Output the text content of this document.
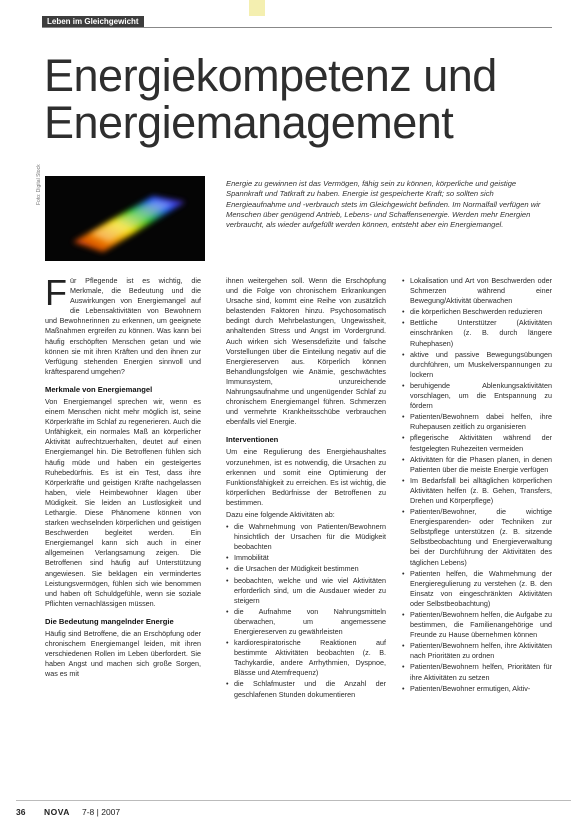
Leben im Gleichgewicht
Energiekompetenz und
Energiemanagement
Foto: Digital Stock	Energie zu gewinnen ist das Vermögen, fähig sein zu können, körperliche und geistige Spannkraft und Tatkraft zu haben. Energie ist gespeicherte Kraft; so sollten sich Energieaufnahme und -verbrauch stets im Gleichgewicht befinden. Im Normalfall verfügen wir Menschen über genügend Antrieb, Lebens- und Schaffensenergie. Werden mehr Energien verbraucht, als wieder aufgefüllt werden können, entsteht aber ein Energiemangel.

Für Pflegende ist es wichtig, die Merkmale, die Bedeutung und die Auswirkungen von Energiemangel auf die Lebensaktivitäten von Bewohnern und Bewohnerinnen zu erkennen, um geeignete Maßnahmen ergreifen zu können. Was kann bei häufig erschöpften Menschen getan und wie können sie mit ihren Kräften und den ihnen zur Verfügung stehenden Energien sinnvoll und kräftesparend umgehen?

Merkmale von Energiemangel

Von Energiemangel sprechen wir, wenn es einem Menschen nicht mehr möglich ist, seine Körperkräfte im Schlaf zu regenerieren. Auch die Unfähigkeit, ein normales Maß an körperlicher Aktivität aufrechtzuerhalten, deutet auf einen Energiemangel hin. Die Betroffenen fühlen sich häufig müde und haben ein gesteigertes Ruhebedürfnis. Es ist ein Test, dass ihre Körperkräfte und geistigen Kräfte nachgelassen haben, viele Heimbewohner klagen über Müdigkeit. Sie leiden an Lustlosigkeit und Lethargie. Diese Phänomene können von starken wechselnden körperlichen und geistigen Beschwerden begleitet werden. Ein Energiemangel kann sich auch in einer allgemeinen Verlangsamung zeigen. Die Betroffenen sind häufig auf Unterstützung angewiesen. Sie beklagen ein vermindertes Leistungsvermögen, fühlen sich wie benommen und haben oft Schuldgefühle, wenn sie soziale Pflichten vernachlässigen müssen.

Die Bedeutung mangelnder Energie

Häufig sind Betroffene, die an Erschöpfung oder chronischem Energiemangel leiden, mit ihren verschiedenen Rollen im Leben überfordert. Sie haben Angst und machen sich große Sorgen, was es mit

ihnen weitergehen soll. Wenn die Erschöpfung und die Folge von chronischem Erkrankungen Ursache sind, kommt eine Reihe von zusätzlich belastenden Faktoren hinzu. Psychosomatisch bedingt durch Mehrbelastungen, Ungewissheit, anhaltenden Stress und Angst im Vordergrund. Auch wirken sich Wesensdefizite und falsche Vorstellungen über die Einteilung negativ auf die Energiereserven aus. Körperlich können Behandlungsfolgen wie Anämie, geschwächtes Immunsystem, unzureichende Nahrungsaufnahme und ungenügender Schlaf zu chronischem Energiemangel führen. Schmerzen und vermehrte Krankheitsschübe verbrauchen ebenfalls viel Energie.

Interventionen

Um eine Regulierung des Energiehaushaltes vorzunehmen, ist es notwendig, die Ursachen zu erkennen und somit eine Optimierung der Funktionsfähigkeit zu erreichen. Es ist wichtig, die körperlichen Bedürfnisse der Betroffenen zu bestimmen.

Dazu eine folgende Aktivitäten ab:

• die Wahrnehmung von Patienten/Bewohnern hinsichtlich der Ursachen für die Müdigkeit beobachten
• Immobilität
• die Ursachen der Müdigkeit bestimmen
• beobachten, welche und wie viel Aktivitäten erforderlich sind, um die Ausdauer wieder zu steigern
• die Aufnahme von Nahrungsmitteln überwachen, um angemessene Energiereserven zu gewährleisten
• kardiorespiratorische Reaktionen auf bestimmte Aktivitäten beobachten (z. B. Tachykardie, andere Arrhythmien, Dyspnoe, Blässe und Atemfrequenz)
• die Schlafmuster und die Anzahl der geschlafenen Stunden dokumentieren
• Lokalisation und Art von Beschwerden oder Schmerzen während einer Bewegung/Aktivität überwachen
• die körperlichen Beschwerden reduzieren
• Bettliche Unterstützer (Aktivitäten einschränken (z. B. durch längere Ruhephasen)
• aktive und passive Bewegungsübungen durchführen, um Muskelverspannungen zu lockern
• beruhigende Ablenkungsaktivitäten vorschlagen, um die Entspannung zu fördern
• Patienten/Bewohnern dabei helfen, ihre Ruhepausen zeitlich zu organisieren
• pflegerische Aktivitäten während der festgelegten Ruhezeiten vermeiden
• Aktivitäten für die Phasen planen, in denen Patienten über die meiste Energie verfügen
• Im Bedarfsfall bei alltäglichen körperlichen Aktivitäten helfen (z. B. Gehen, Transfers, Drehen und Körperpflege)
• Patienten/Bewohner, die wichtige Energiesparenden- oder Techniken zur Selbstpflege unterstützen (z. B. sitzende Selbstbeobachtung und Energieverwaltung bei der Durchführung der Aktivitäten des täglichen Lebens)
• Patienten helfen, die Wahrnehmung der Energieregulierung zu verstehen (z. B. den Einsatz von eingeschränkten Aktivitäten oder Selbstbeobachtung)
• Patienten/Bewohnern helfen, die Aufgabe zu bestimmen, die Familienangehörige und Freunde zu Hause übernehmen können
• Patienten/Bewohnern helfen, ihre Aktivitäten nach Prioritäten zu ordnen
• Patienten/Bewohnern helfen, Prioritäten für ihre Aktivitäten zu setzen
• Patienten/Bewohner ermutigen, Aktiv-
36 NOVA 7-8 | 2007
